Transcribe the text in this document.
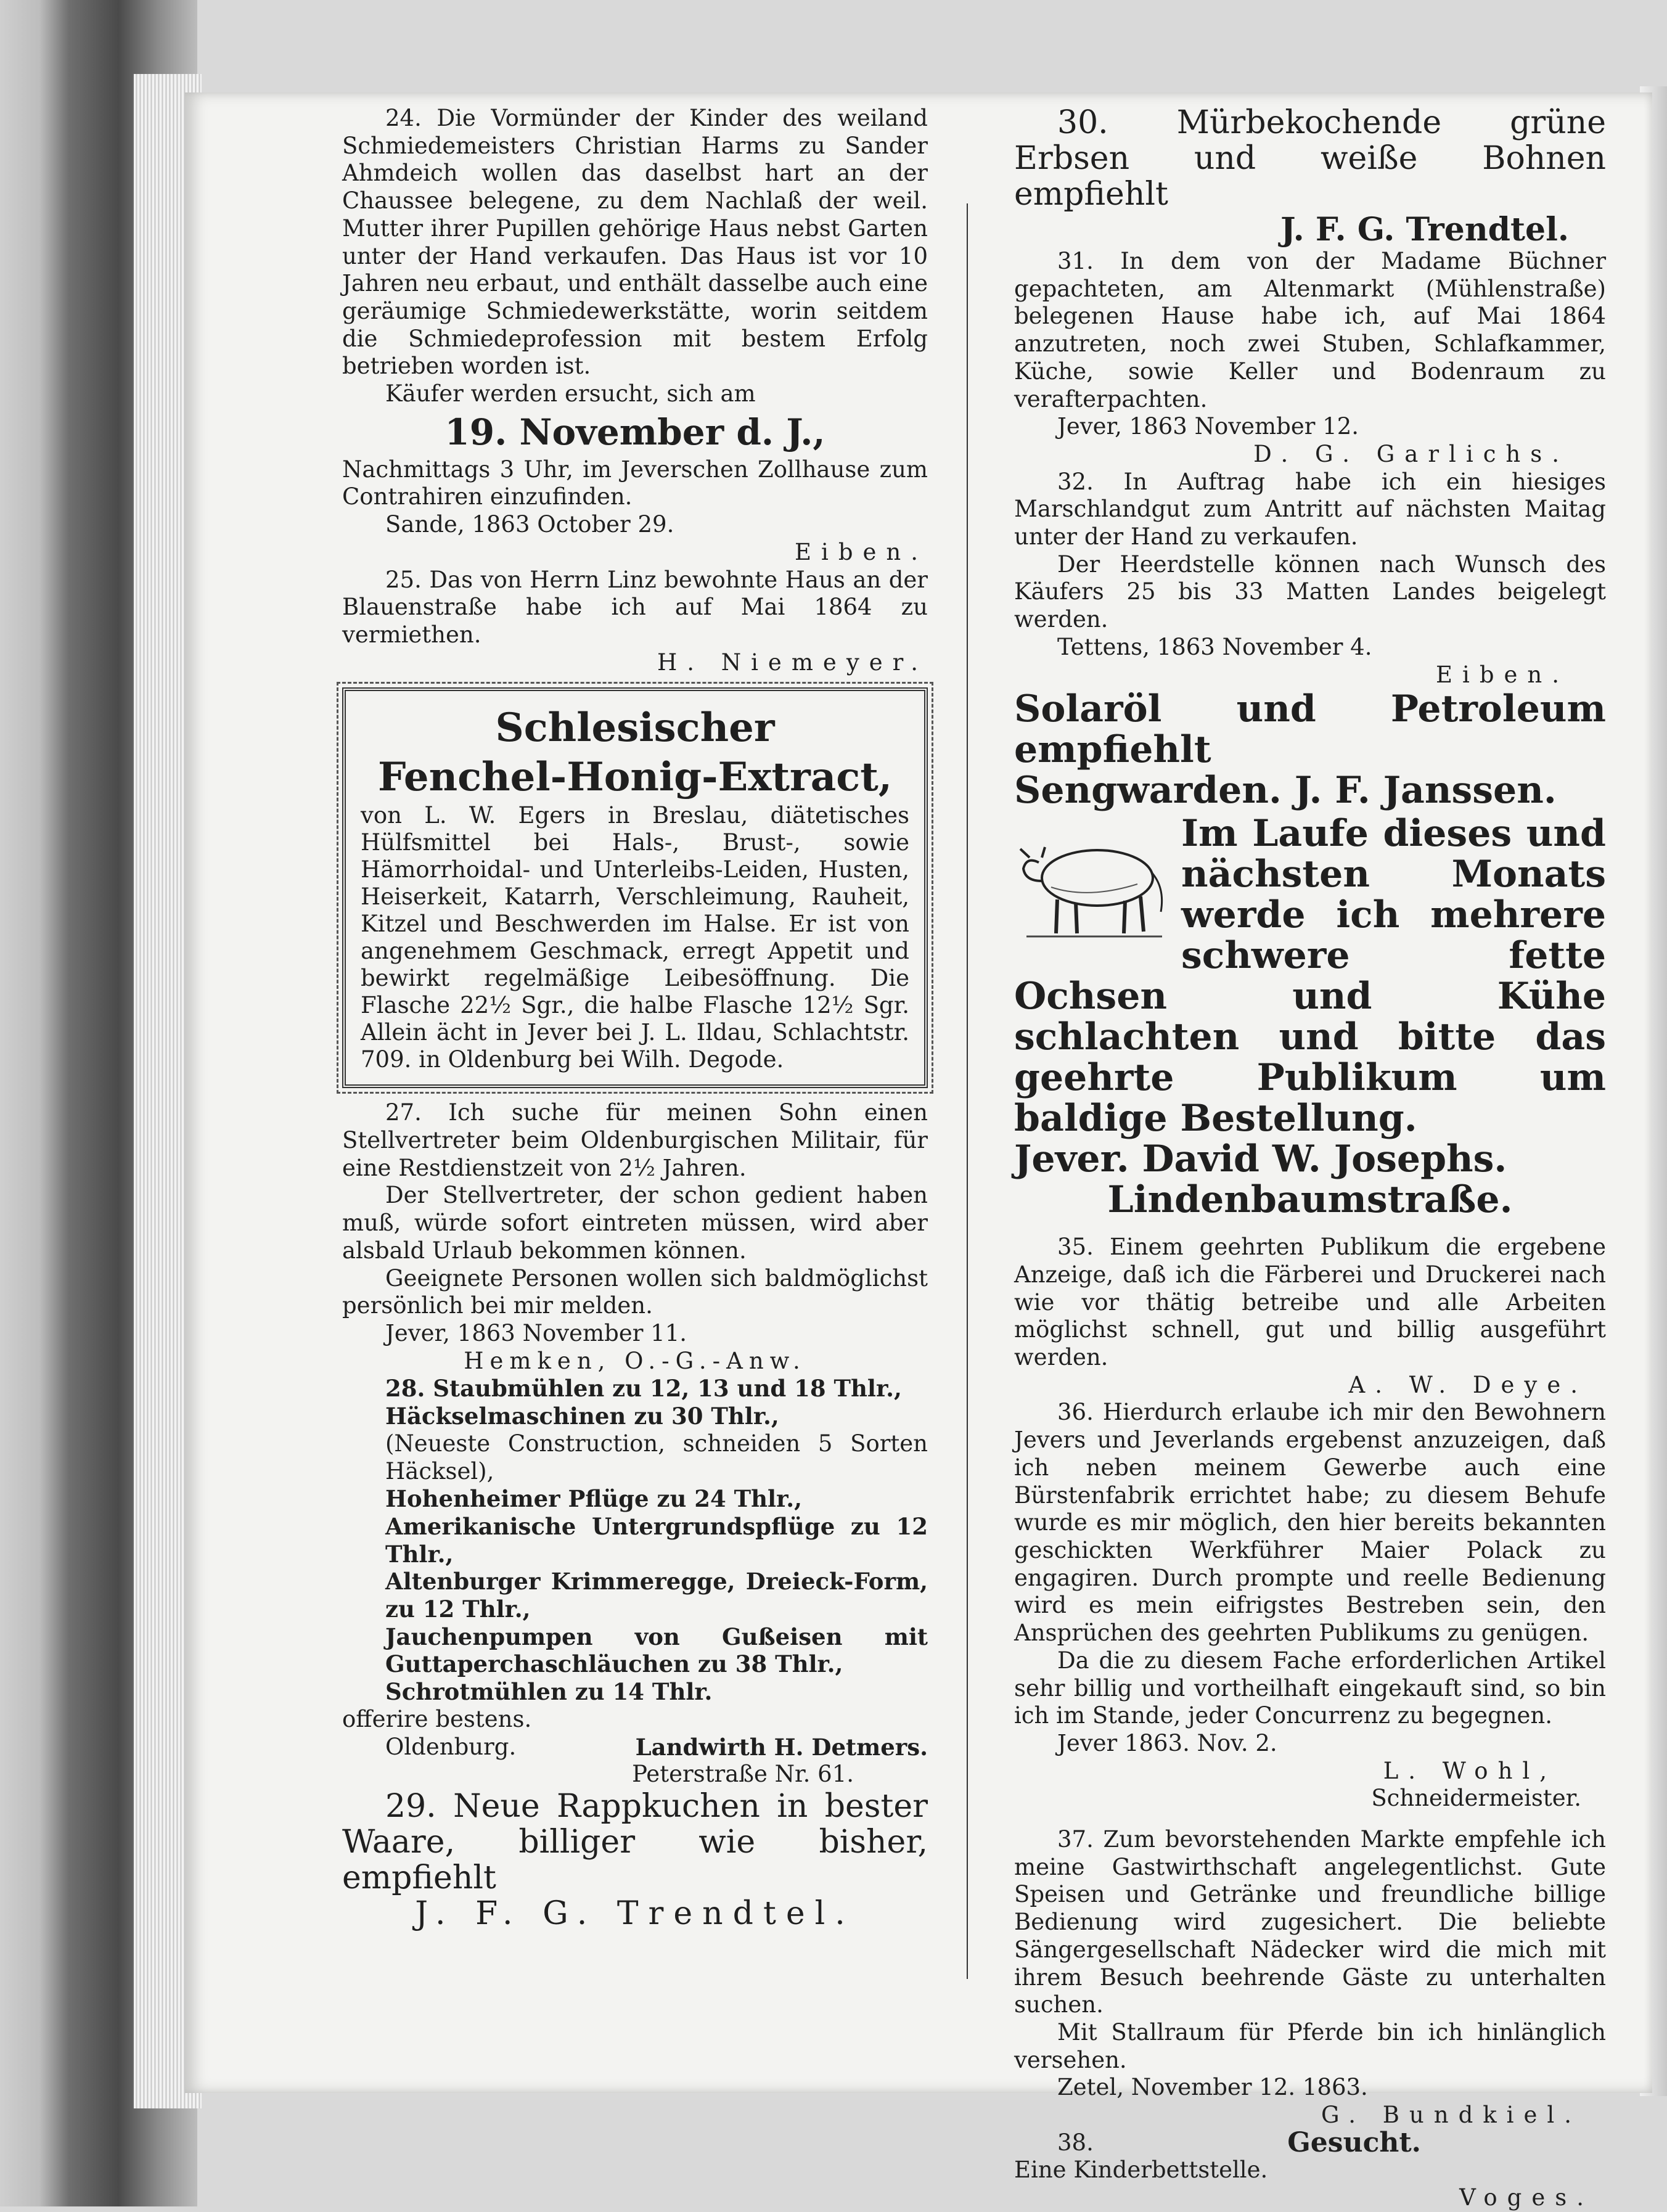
24. Die Vormünder der Kinder des weiland Schmiedemeisters Christian Harms zu Sander Ahmdeich wollen das daselbst hart an der Chaussee belegene, zu dem Nachlaß der weil. Mutter ihrer Pupillen gehörige Haus nebst Garten unter der Hand verkaufen. Das Haus ist vor 10 Jahren neu erbaut, und enthält dasselbe auch eine geräumige Schmiedewerkstätte, worin seitdem die Schmiedeprofession mit bestem Erfolg betrieben worden ist.

Käufer werden ersucht, sich am

19. November d. J.,

Nachmittags 3 Uhr, im Jeverschen Zollhause zum Contrahiren einzufinden.

Sande, 1863 October 29.

Eiben.

25. Das von Herrn Linz bewohnte Haus an der Blauenstraße habe ich auf Mai 1864 zu vermiethen.

H. Niemeyer.

Schlesischer
Fenchel-Honig-Extract,

von L. W. Egers in Breslau, diätetisches Hülfsmittel bei Hals-, Brust-, sowie Hämorrhoidal- und Unterleibs-Leiden, Husten, Heiserkeit, Katarrh, Verschleimung, Rauheit, Kitzel und Beschwerden im Halse. Er ist von angenehmem Geschmack, erregt Appetit und bewirkt regelmäßige Leibesöffnung. Die Flasche 22½ Sgr., die halbe Flasche 12½ Sgr. Allein ächt in Jever bei J. L. Ildau, Schlachtstr. 709. in Oldenburg bei Wilh. Degode.

27. Ich suche für meinen Sohn einen Stellvertreter beim Oldenburgischen Militair, für eine Restdienstzeit von 2½ Jahren.

Der Stellvertreter, der schon gedient haben muß, würde sofort eintreten müssen, wird aber alsbald Urlaub bekommen können.

Geeignete Personen wollen sich baldmöglichst persönlich bei mir melden.

Jever, 1863 November 11.

Hemken, O.-G.-Anw.

28. Staubmühlen zu 12, 13 und 18 Thlr.,

Häckselmaschinen zu 30 Thlr.,

(Neueste Construction, schneiden 5 Sorten Häcksel),

Hohenheimer Pflüge zu 24 Thlr.,

Amerikanische Untergrundspflüge zu 12 Thlr.,

Altenburger Krimmeregge, Dreieck-Form, zu 12 Thlr.,

Jauchenpumpen von Gußeisen mit Guttaperchaschläuchen zu 38 Thlr.,

Schrotmühlen zu 14 Thlr.

offerire bestens.

Oldenburg.	Landwirth H. Detmers.

Peterstraße Nr. 61.

29. Neue Rappkuchen in bester Waare, billiger wie bisher, empfiehlt

J. F. G. Trendtel.

30. Mürbekochende grüne Erbsen und weiße Bohnen empfiehlt

J. F. G. Trendtel.

31. In dem von der Madame Büchner gepachteten, am Altenmarkt (Mühlenstraße) belegenen Hause habe ich, auf Mai 1864 anzutreten, noch zwei Stuben, Schlafkammer, Küche, sowie Keller und Bodenraum zu verafterpachten.

Jever, 1863 November 12.

D. G. Garlichs.

32. In Auftrag habe ich ein hiesiges Marschlandgut zum Antritt auf nächsten Maitag unter der Hand zu verkaufen.

Der Heerdstelle können nach Wunsch des Käufers 25 bis 33 Matten Landes beigelegt werden.

Tettens, 1863 November 4.

Eiben.

Solaröl und Petroleum empfiehlt

Sengwarden. J. F. Janssen.

Im Laufe dieses und nächsten Monats werde ich mehrere schwere fette Ochsen und Kühe schlachten und bitte das geehrte Publikum um baldige Bestellung.

Jever. David W. Josephs.

Lindenbaumstraße.

35. Einem geehrten Publikum die ergebene Anzeige, daß ich die Färberei und Druckerei nach wie vor thätig betreibe und alle Arbeiten möglichst schnell, gut und billig ausgeführt werden.

A. W. Deye.

36. Hierdurch erlaube ich mir den Bewohnern Jevers und Jeverlands ergebenst anzuzeigen, daß ich neben meinem Gewerbe auch eine Bürstenfabrik errichtet habe; zu diesem Behufe wurde es mir möglich, den hier bereits bekannten geschickten Werkführer Maier Polack zu engagiren. Durch prompte und reelle Bedienung wird es mein eifrigstes Bestreben sein, den Ansprüchen des geehrten Publikums zu genügen.

Da die zu diesem Fache erforderlichen Artikel sehr billig und vortheilhaft eingekauft sind, so bin ich im Stande, jeder Concurrenz zu begegnen.

Jever 1863. Nov. 2.

L. Wohl,

Schneidermeister.

37. Zum bevorstehenden Markte empfehle ich meine Gastwirthschaft angelegentlichst. Gute Speisen und Getränke und freundliche billige Bedienung wird zugesichert. Die beliebte Sängergesellschaft Nädecker wird die mich mit ihrem Besuch beehrende Gäste zu unterhalten suchen.

Mit Stallraum für Pferde bin ich hinlänglich versehen.

Zetel, November 12. 1863.

G. Bundkiel.

38.	Gesucht.

Eine Kinderbettstelle.

Voges.
